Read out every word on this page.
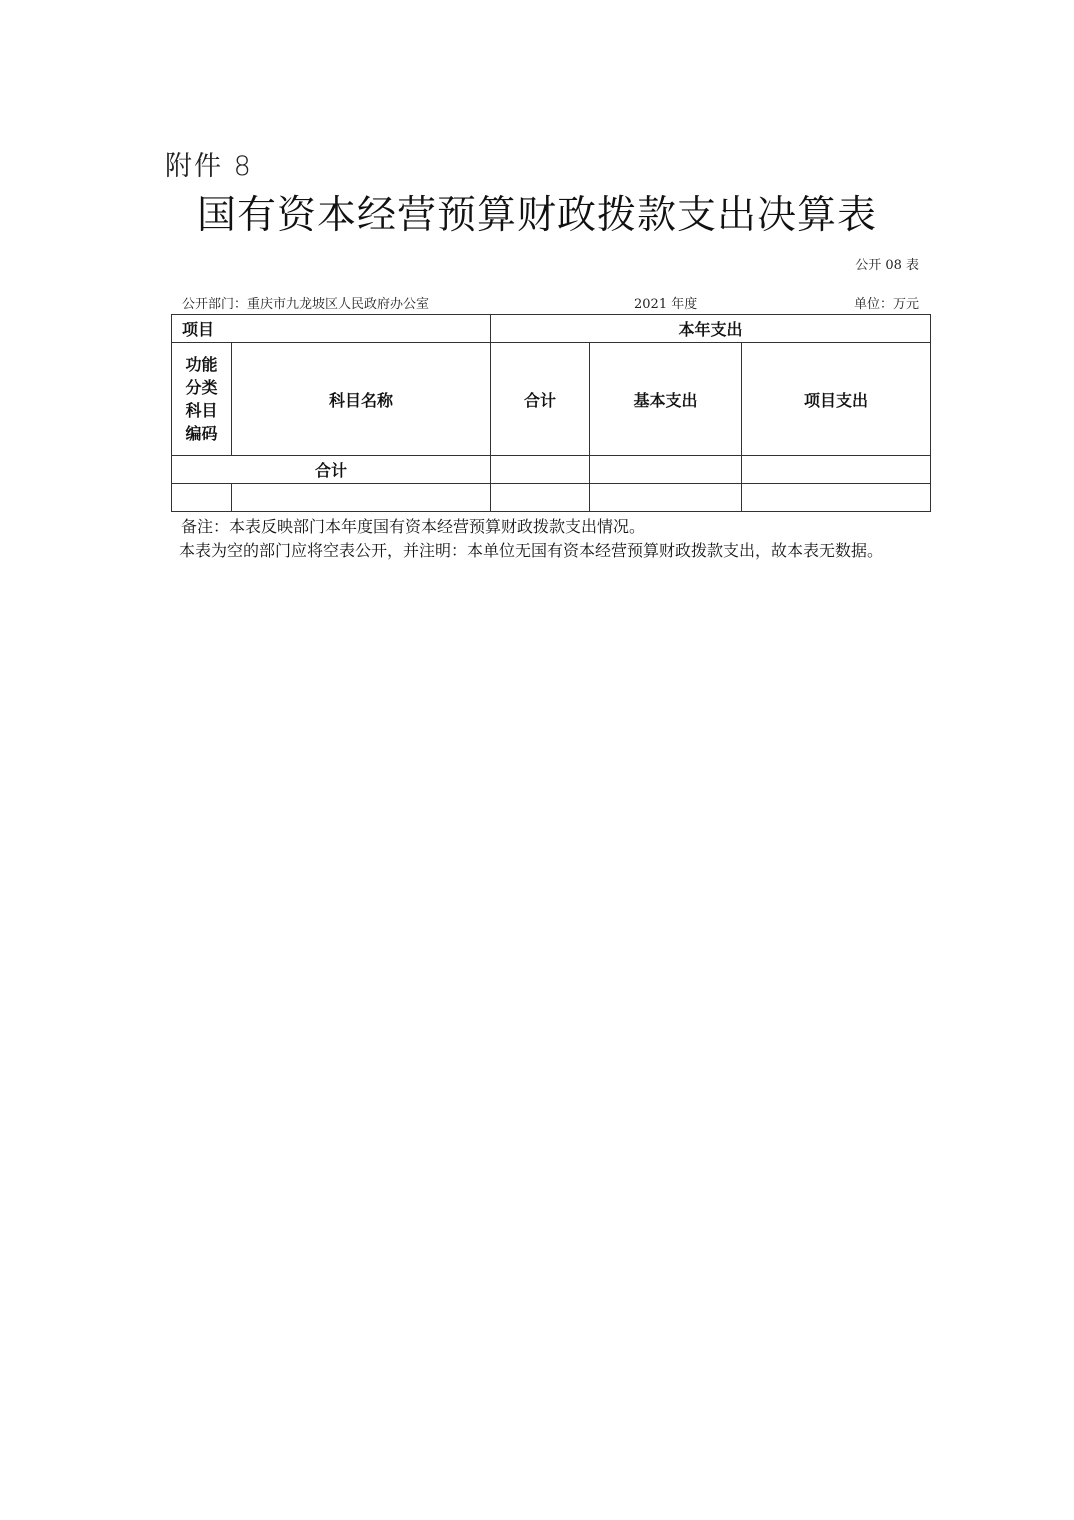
附件 8
国有资本经营预算财政拨款支出决算表
公开 08 表
公开部门：重庆市九龙坡区人民政府办公室	2021 年度	单位：万元
项目		本年支出		

功能
分类
科目
编码	科目名称	合计	基本支出	项目支出
合计				

备注：本表反映部门本年度国有资本经营预算财政拨款支出情况。

本表为空的部门应将空表公开，并注明：本单位无国有资本经营预算财政拨款支出，故本表无数据。
